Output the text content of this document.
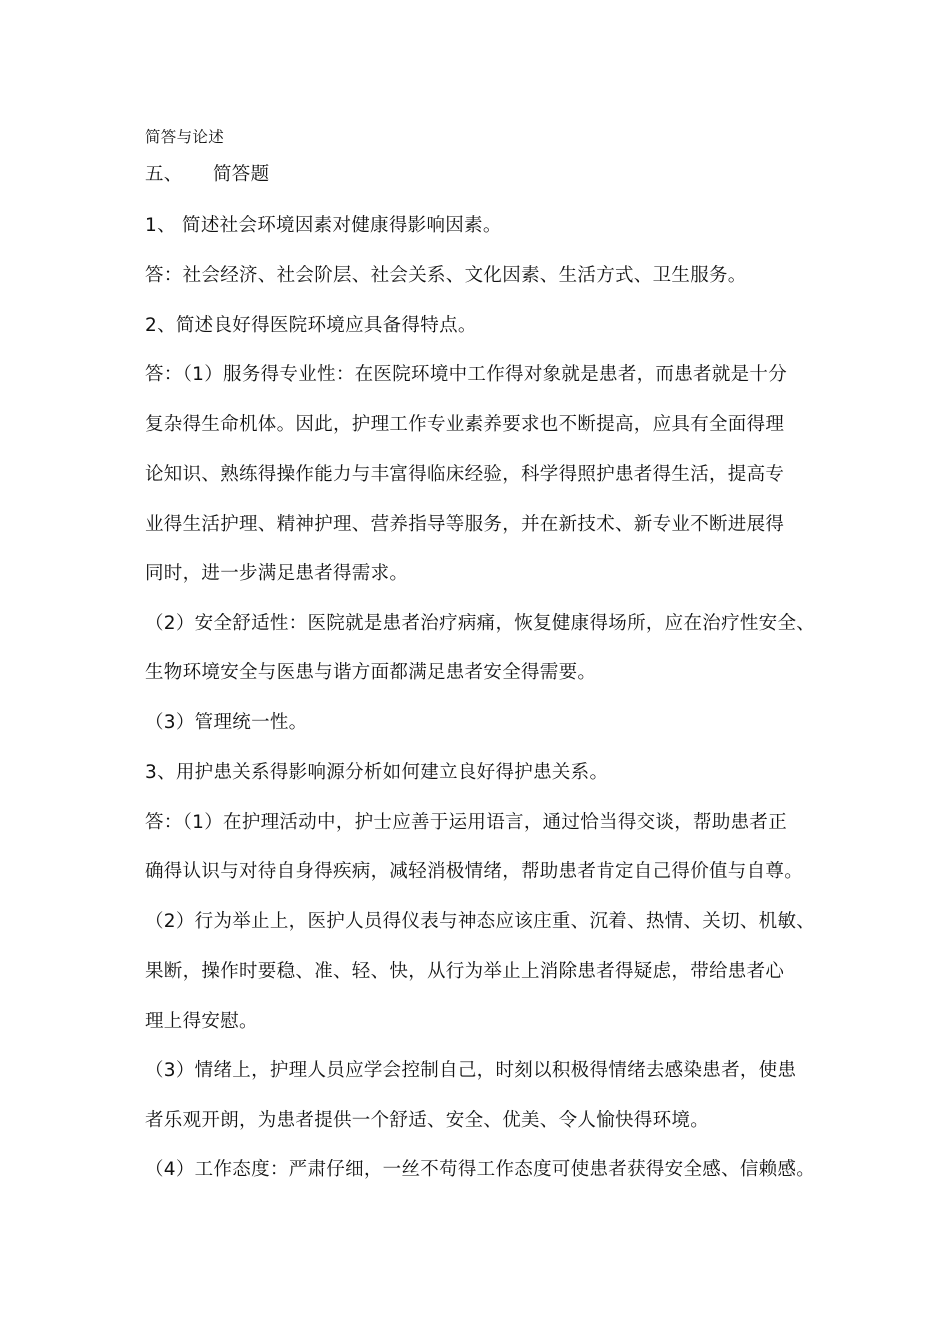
简答与论述
五、 简答题
1、 简述社会环境因素对健康得影响因素。
答：社会经济、社会阶层、社会关系、文化因素、生活方式、卫生服务。
2、简述良好得医院环境应具备得特点。
答：（1）服务得专业性：在医院环境中工作得对象就是患者，而患者就是十分
复杂得生命机体。因此，护理工作专业素养要求也不断提高，应具有全面得理
论知识、熟练得操作能力与丰富得临床经验，科学得照护患者得生活，提高专
业得生活护理、精神护理、营养指导等服务，并在新技术、新专业不断进展得
同时，进一步满足患者得需求。
（2）安全舒适性：医院就是患者治疗病痛，恢复健康得场所，应在治疗性安全、
生物环境安全与医患与谐方面都满足患者安全得需要。
（3）管理统一性。
3、用护患关系得影响源分析如何建立良好得护患关系。
答：（1）在护理活动中，护士应善于运用语言，通过恰当得交谈，帮助患者正
确得认识与对待自身得疾病，减轻消极情绪，帮助患者肯定自己得价值与自尊。
（2）行为举止上，医护人员得仪表与神态应该庄重、沉着、热情、关切、机敏、
果断，操作时要稳、准、轻、快，从行为举止上消除患者得疑虑，带给患者心
理上得安慰。
（3）情绪上，护理人员应学会控制自己，时刻以积极得情绪去感染患者，使患
者乐观开朗，为患者提供一个舒适、安全、优美、令人愉快得环境。
（4）工作态度：严肃仔细，一丝不苟得工作态度可使患者获得安全感、信赖感。
